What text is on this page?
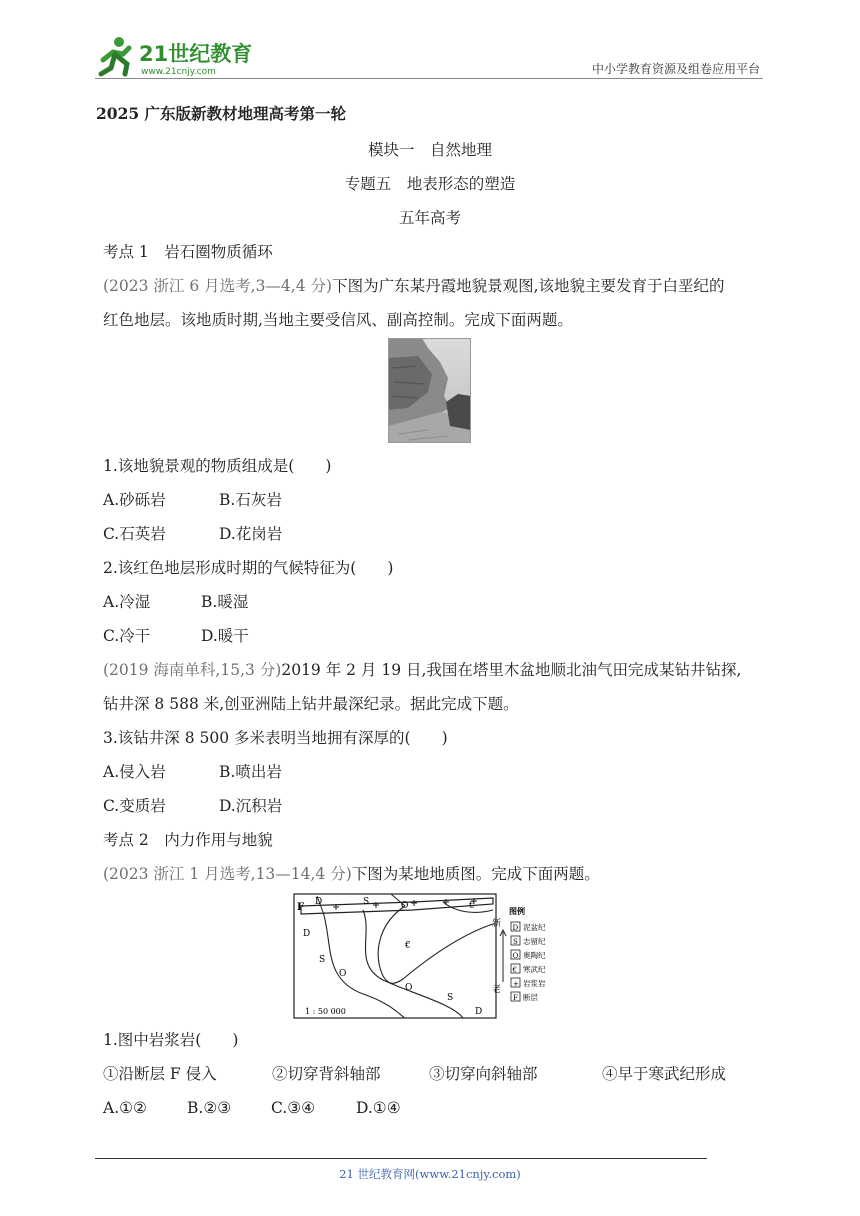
21世纪教育
www.21cnjy.com	中小学教育资源及组卷应用平台
2025 广东版新教材地理高考第一轮
模块一　自然地理
专题五　地表形态的塑造
五年高考
考点 1　岩石圈物质循环
(2023 浙江 6 月选考,3—4,4 分)下图为广东某丹霞地貌景观图,该地貌主要发育于白垩纪的
红色地层。该地质时期,当地主要受信风、副高控制。完成下面两题。
1.该地貌景观的物质组成是(　　)
A.砂砾岩	B.石灰岩
C.石英岩	D.花岗岩
2.该红色地层形成时期的气候特征为(　　)
A.冷湿	B.暖湿
C.冷干	D.暖干
(2019 海南单科,15,3 分)2019 年 2 月 19 日,我国在塔里木盆地顺北油气田完成某钻井钻探,
钻井深 8 588 米,创亚洲陆上钻井最深纪录。据此完成下题。
3.该钻井深 8 500 多米表明当地拥有深厚的(　　)
A.侵入岩	B.喷出岩
C.变质岩	D.沉积岩
考点 2　内力作用与地貌
(2023 浙江 1 月选考,13—14,4 分)下图为某地地质图。完成下面两题。
F D	S	O	€
D
S
O
€
O
S
D
1 : 50 000
新
老
图例
D 泥盆纪
S 志留纪
O 奥陶纪
€ 寒武纪
+ 岩浆岩
F 断层
1.图中岩浆岩(　　)
①沿断层 F 侵入	②切穿背斜轴部	③切穿向斜轴部	④早于寒武纪形成
A.①②	B.②③	C.③④	D.①④
21 世纪教育网(www.21cnjy.com)
